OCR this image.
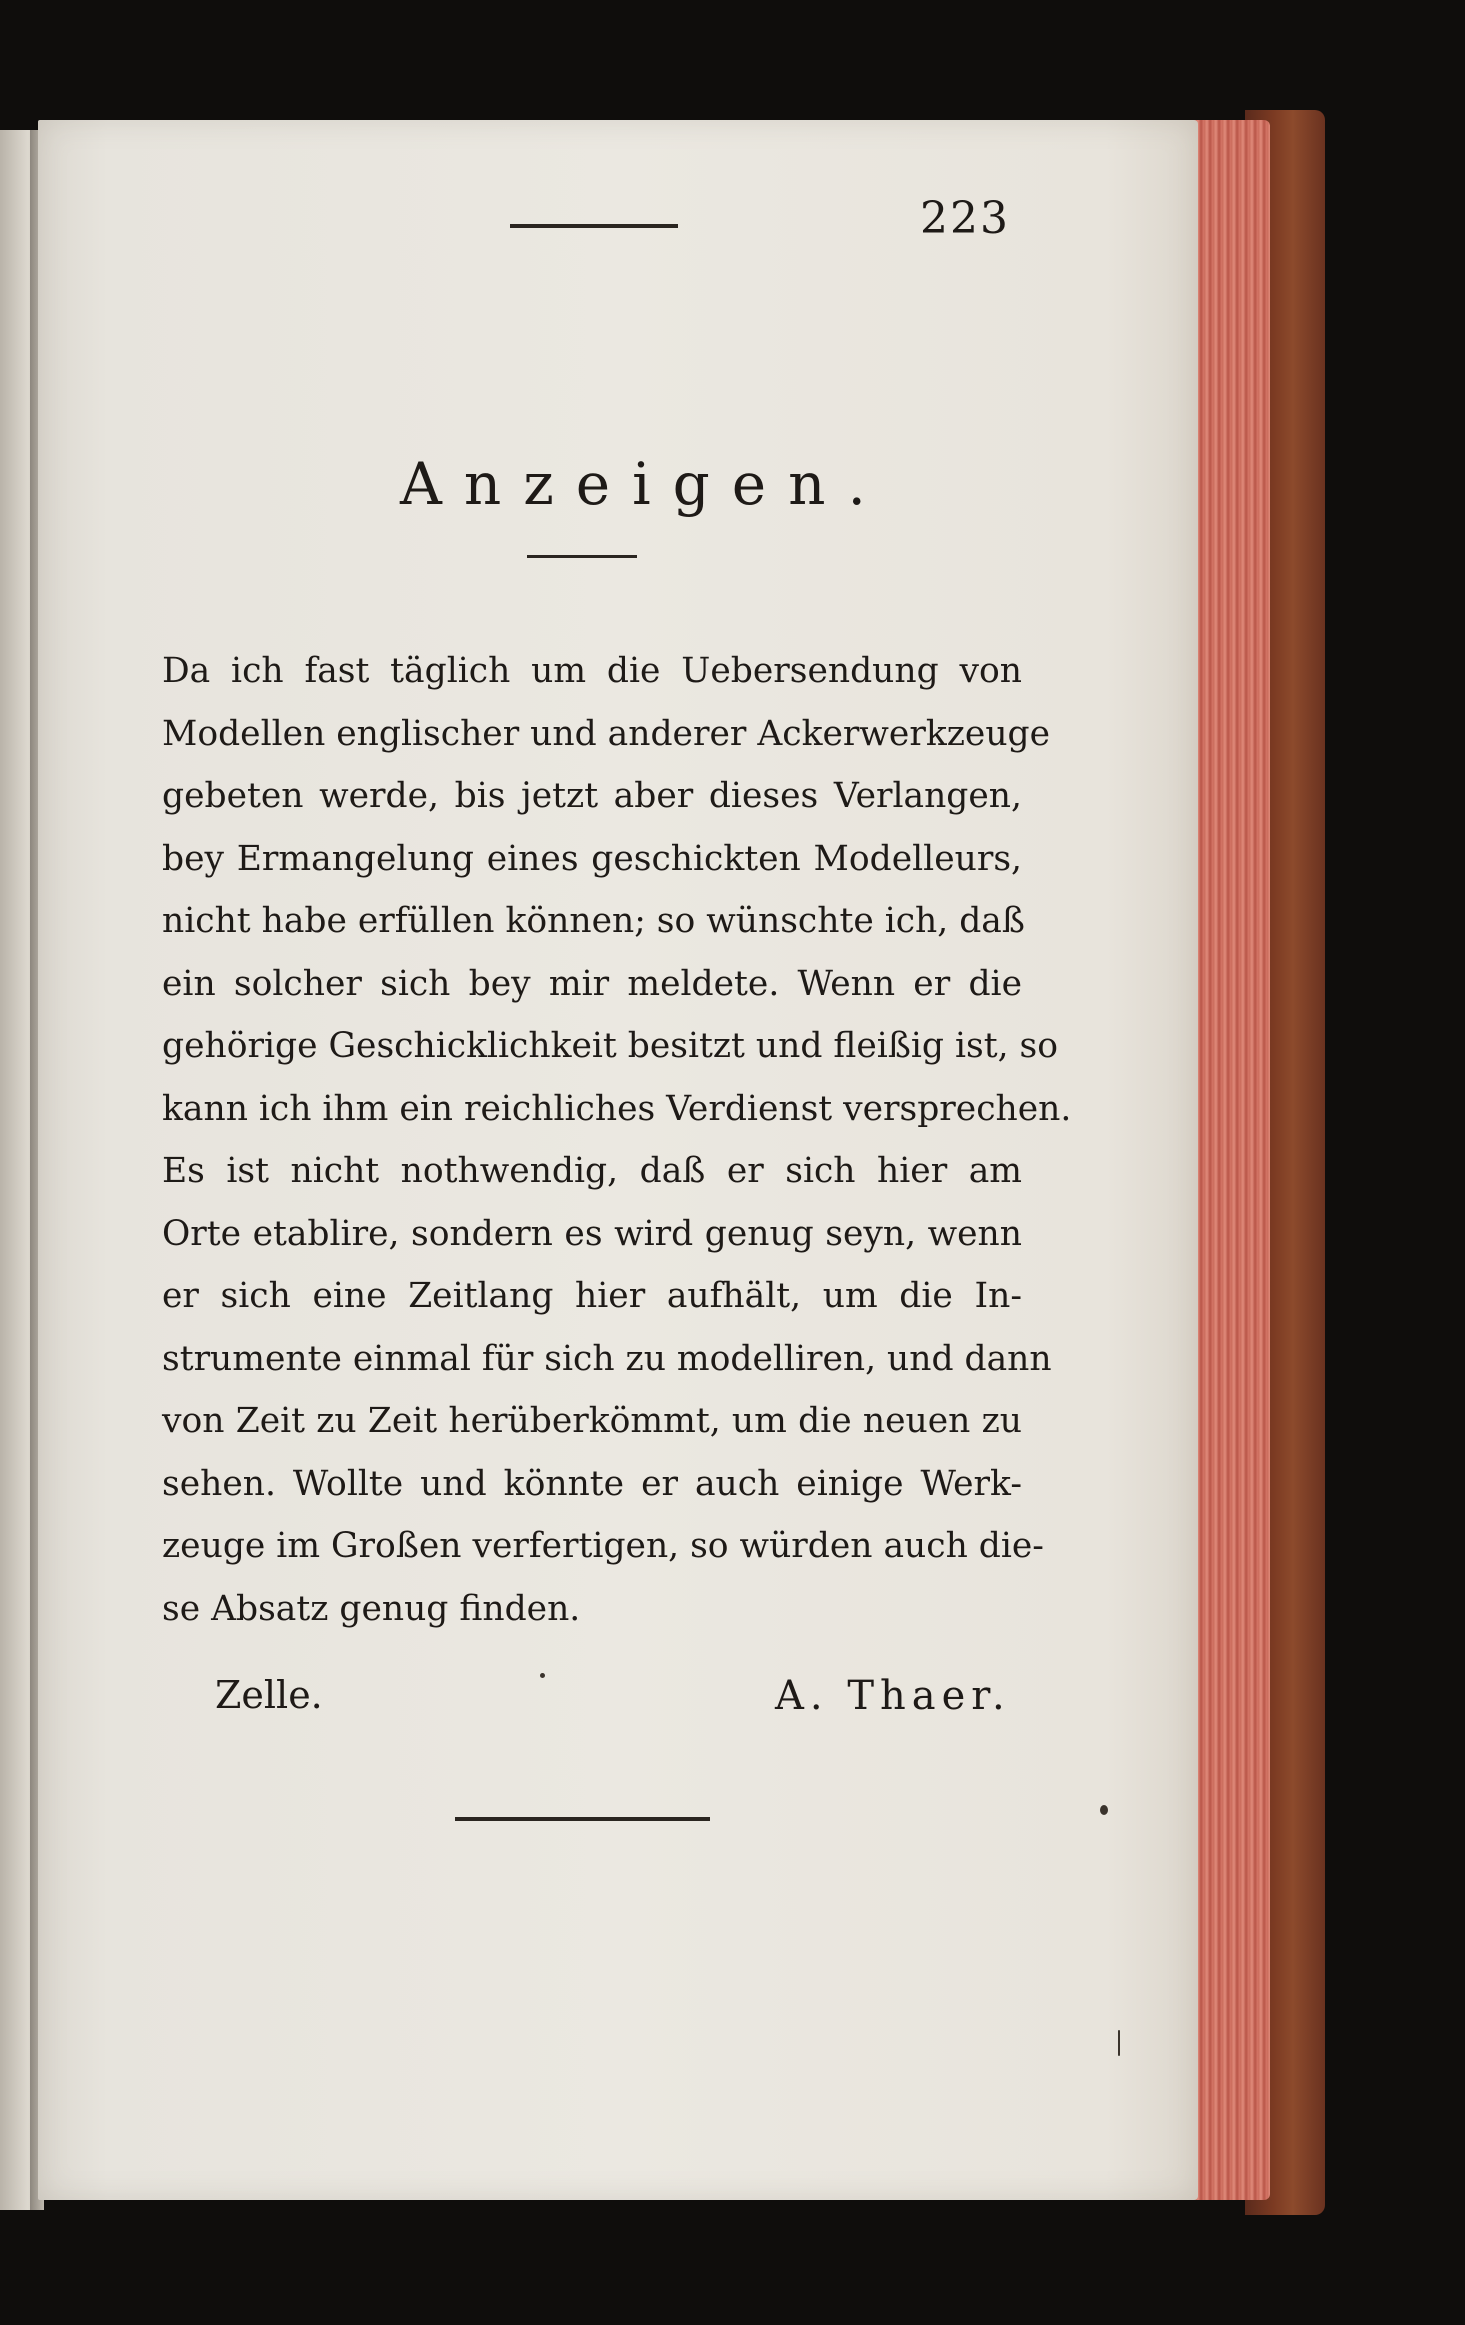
223
Anzeigen.
Da ich fast täglich um die Uebersendung von
Modellen englischer und anderer Ackerwerkzeuge
gebeten werde, bis jetzt aber dieses Verlangen,
bey Ermangelung eines geschickten Modelleurs,
nicht habe erfüllen können; so wünschte ich, daß
ein solcher sich bey mir meldete. Wenn er die
gehörige Geschicklichkeit besitzt und fleißig ist, so
kann ich ihm ein reichliches Verdienst versprechen.
Es ist nicht nothwendig, daß er sich hier am
Orte etablire, sondern es wird genug seyn, wenn
er sich eine Zeitlang hier aufhält, um die In-
strumente einmal für sich zu modelliren, und dann
von Zeit zu Zeit herüberkömmt, um die neuen zu
sehen. Wollte und könnte er auch einige Werk-
zeuge im Großen verfertigen, so würden auch die-
se Absatz genug finden.
Zelle.	A. Thaer.
